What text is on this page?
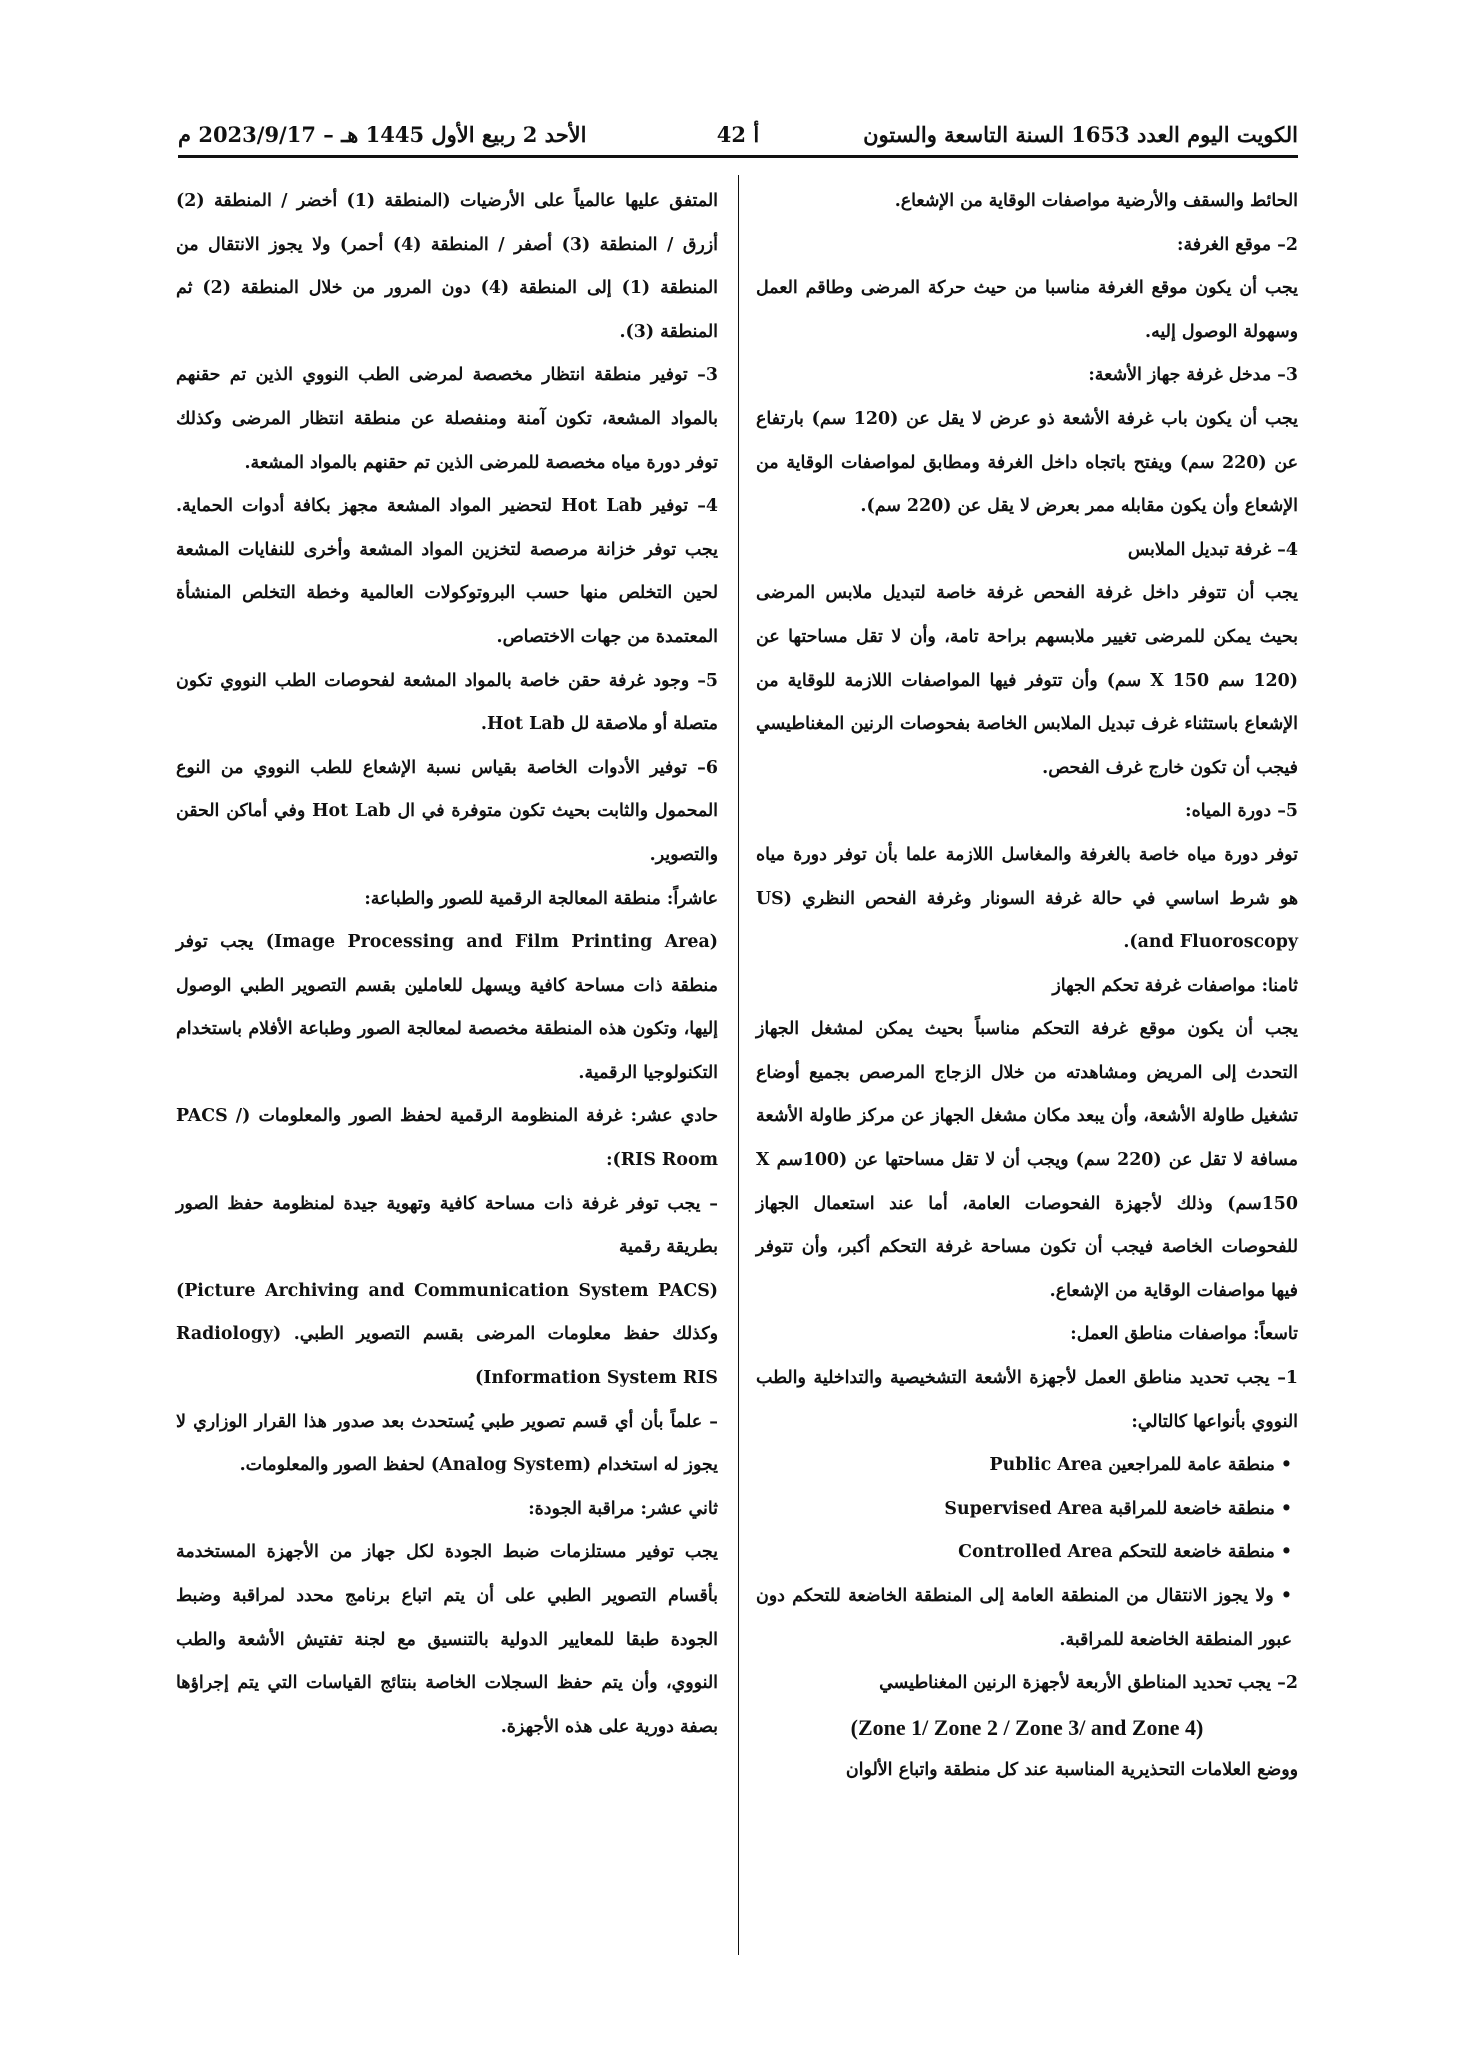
الكويت اليوم العدد 1653 السنة التاسعة والستون
أ 42
الأحد 2 ربيع الأول 1445 هـ – 2023/9/17 م

الحائط والسقف والأرضية مواصفات الوقاية من الإشعاع.

2– موقع الغرفة:

يجب أن يكون موقع الغرفة مناسبا من حيث حركة المرضى وطاقم العمل وسهولة الوصول إليه.

3– مدخل غرفة جهاز الأشعة:

يجب أن يكون باب غرفة الأشعة ذو عرض لا يقل عن (120 سم) بارتفاع عن (220 سم) ويفتح باتجاه داخل الغرفة ومطابق لمواصفات الوقاية من الإشعاع وأن يكون مقابله ممر بعرض لا يقل عن (220 سم).

4– غرفة تبديل الملابس

يجب أن تتوفر داخل غرفة الفحص غرفة خاصة لتبديل ملابس المرضى بحيث يمكن للمرضى تغيير ملابسهم براحة تامة، وأن لا تقل مساحتها عن (120 سم X 150 سم) وأن تتوفر فيها المواصفات اللازمة للوقاية من الإشعاع باستثناء غرف تبديل الملابس الخاصة بفحوصات الرنين المغناطيسي فيجب أن تكون خارج غرف الفحص.

5– دورة المياه:

توفر دورة مياه خاصة بالغرفة والمغاسل اللازمة علما بأن توفر دورة مياه هو شرط اساسي في حالة غرفة السونار وغرفة الفحص النظري (US and Fluoroscopy).

ثامنا: مواصفات غرفة تحكم الجهاز

يجب أن يكون موقع غرفة التحكم مناسباً بحيث يمكن لمشغل الجهاز التحدث إلى المريض ومشاهدته من خلال الزجاج المرصص بجميع أوضاع تشغيل طاولة الأشعة، وأن يبعد مكان مشغل الجهاز عن مركز طاولة الأشعة مسافة لا تقل عن (220 سم) ويجب أن لا تقل مساحتها عن (100سم X 150سم) وذلك لأجهزة الفحوصات العامة، أما عند استعمال الجهاز للفحوصات الخاصة فيجب أن تكون مساحة غرفة التحكم أكبر، وأن تتوفر فيها مواصفات الوقاية من الإشعاع.

تاسعاً: مواصفات مناطق العمل:

1– يجب تحديد مناطق العمل لأجهزة الأشعة التشخيصية والتداخلية والطب النووي بأنواعها كالتالي:

• منطقة عامة للمراجعين Public Area

• منطقة خاضعة للمراقبة Supervised Area

• منطقة خاضعة للتحكم Controlled Area

• ولا يجوز الانتقال من المنطقة العامة إلى المنطقة الخاضعة للتحكم دون عبور المنطقة الخاضعة للمراقبة.

2– يجب تحديد المناطق الأربعة لأجهزة الرنين المغناطيسي

(Zone 1/ Zone 2 / Zone 3/ and Zone 4)

ووضع العلامات التحذيرية المناسبة عند كل منطقة واتباع الألوان

المتفق عليها عالمياً على الأرضيات (المنطقة (1) أخضر / المنطقة (2) أزرق / المنطقة (3) أصفر / المنطقة (4) أحمر) ولا يجوز الانتقال من المنطقة (1) إلى المنطقة (4) دون المرور من خلال المنطقة (2) ثم المنطقة (3).

3– توفير منطقة انتظار مخصصة لمرضى الطب النووي الذين تم حقنهم بالمواد المشعة، تكون آمنة ومنفصلة عن منطقة انتظار المرضى وكذلك توفر دورة مياه مخصصة للمرضى الذين تم حقنهم بالمواد المشعة.

4– توفير Hot Lab لتحضير المواد المشعة مجهز بكافة أدوات الحماية. يجب توفر خزانة مرصصة لتخزين المواد المشعة وأخرى للنفايات المشعة لحين التخلص منها حسب البروتوكولات العالمية وخطة التخلص المنشأة المعتمدة من جهات الاختصاص.

5– وجود غرفة حقن خاصة بالمواد المشعة لفحوصات الطب النووي تكون متصلة أو ملاصقة لل Hot Lab.

6– توفير الأدوات الخاصة بقياس نسبة الإشعاع للطب النووي من النوع المحمول والثابت بحيث تكون متوفرة في ال Hot Lab وفي أماكن الحقن والتصوير.

عاشراً: منطقة المعالجة الرقمية للصور والطباعة:

(Image Processing and Film Printing Area) يجب توفر منطقة ذات مساحة كافية ويسهل للعاملين بقسم التصوير الطبي الوصول إليها، وتكون هذه المنطقة مخصصة لمعالجة الصور وطباعة الأفلام باستخدام التكنولوجيا الرقمية.

حادي عشر: غرفة المنظومة الرقمية لحفظ الصور والمعلومات (PACS / RIS Room):

– يجب توفر غرفة ذات مساحة كافية وتهوية جيدة لمنظومة حفظ الصور بطريقة رقمية

(Picture Archiving and Communication System PACS) وكذلك حفظ معلومات المرضى بقسم التصوير الطبي. (Radiology Information System RIS)

– علماً بأن أي قسم تصوير طبي يُستحدث بعد صدور هذا القرار الوزاري لا يجوز له استخدام (Analog System) لحفظ الصور والمعلومات.

ثاني عشر: مراقبة الجودة:

يجب توفير مستلزمات ضبط الجودة لكل جهاز من الأجهزة المستخدمة بأقسام التصوير الطبي على أن يتم اتباع برنامج محدد لمراقبة وضبط الجودة طبقا للمعايير الدولية بالتنسيق مع لجنة تفتيش الأشعة والطب النووي، وأن يتم حفظ السجلات الخاصة بنتائج القياسات التي يتم إجراؤها بصفة دورية على هذه الأجهزة.
